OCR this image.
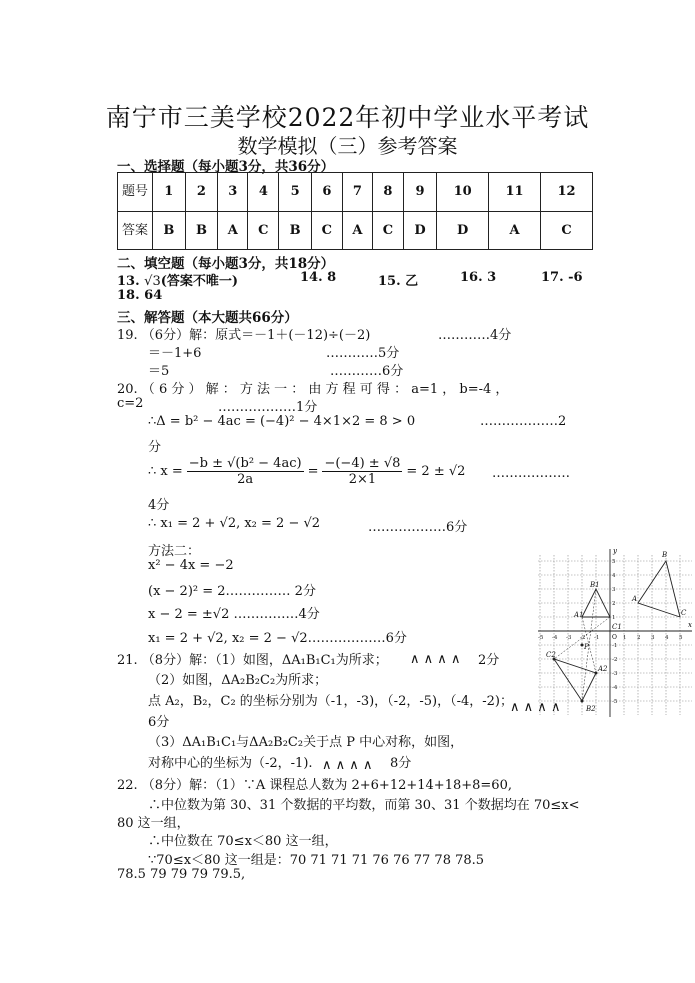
南宁市三美学校2022年初中学业水平考试
数学模拟（三）参考答案
一、选择题（每小题3分，共36分）
题号	1	2	3	4	5	6	7	8	9	10	11	12
答案	B	B	A	C	B	C	A	C	D	D	A	C
二、填空题（每小题3分，共18分）
13. √3(答案不唯一)	14. 8	15. 乙	16. 3	17. -6
18. 64
三、解答题（本大题共66分）
19. （6分）解：原式＝－1＋(－12)÷(－2)	…………4分
＝－1+6	…………5分
＝5	…………6分
20. （ 6 分 ） 解 ： 方 法 一 ： 由 方 程 可 得 ： a=1 ， b=-4 ，
c=2	………………1分
∴Δ = b² − 4ac = (−4)² − 4×1×2 = 8 > 0	………………2
分
∴ $x = \frac{\text{−b ± √(b² − 4ac)}}{2a} = \frac{-(-4) \pm √8}{2\times 1} = 2 \pm √2$ ………………
4分
∴ x₁ = 2 + √2, x₂ = 2 − √2	………………6分
方法二：
x² − 4x = −2
(x − 2)² = 2…………… 2分
x − 2 = ±√2 ……………4分
x₁ = 2 + √2, x₂ = 2 − √2………………6分
21. （8分）解：（1）如图，ΔA₁B₁C₁为所求； ∧ ∧ ∧ ∧ 2分
（2）如图，ΔA₂B₂C₂为所求；
点 A₂，B₂，C₂ 的坐标分别为（-1，-3)，（-2，-5)，（-4，-2)；
∧ ∧ ∧ ∧
6分
（3）ΔA₁B₁C₁与ΔA₂B₂C₂关于点 P 中心对称，如图，
对称中心的坐标为（-2，-1). ∧ ∧ ∧ ∧ 8分
22. （8分）解：（1）∵A 课程总人数为 2+6+12+14+18+8=60,
∴中位数为第 30、31 个数据的平均数，而第 30、31 个数据均在 70≤x<
80 这一组，
∴中位数在 70≤x＜80 这一组，
∵70≤x＜80 这一组是：70 71 71 71 76 76 77 78 78.5
78.5 79 79 79 79.5,
x
y
O
-5 -4 -3 -2 -1	1 2 3 4 5
5
4
3
2
1
-1
-2
-3
-4
-5
A
B
C
A1
B1
C1
A2
B2
C2
P
